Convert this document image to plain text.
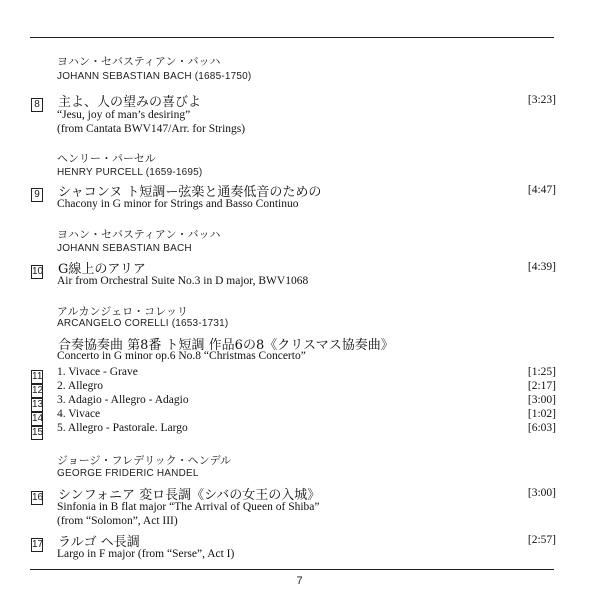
ヨハン・セバスティアン・バッハ
JOHANN SEBASTIAN BACH (1685-1750)
8 主よ、人の望みの喜びよ	[3:23]
“Jesu, joy of man’s desiring”
(from Cantata BWV147/Arr. for Strings)
ヘンリー・パーセル
HENRY PURCELL (1659-1695)
9 シャコンヌ ト短調ー弦楽と通奏低音のための	[4:47]
Chacony in G minor for Strings and Basso Continuo
ヨハン・セバスティアン・バッハ
JOHANN SEBASTIAN BACH
10 G線上のアリア	[4:39]
Air from Orchestral Suite No.3 in D major, BWV1068
アルカンジェロ・コレッリ
ARCANGELO CORELLI (1653-1731)
合奏協奏曲 第8番 ト短調 作品6の8《クリスマス協奏曲》
Concerto in G minor op.6 No.8 “Christmas Concerto”
11 1. Vivace - Grave	[1:25]
12 2. Allegro	[2:17]
13 3. Adagio - Allegro - Adagio	[3:00]
14 4. Vivace	[1:02]
15 5. Allegro - Pastorale. Largo	[6:03]
ジョージ・フレデリック・ヘンデル
GEORGE FRIDERIC HANDEL
16 シンフォニア 変ロ長調《シバの女王の入城》	[3:00]
Sinfonia in B flat major “The Arrival of Queen of Shiba”
(from “Solomon”, Act III)
17 ラルゴ ヘ長調	[2:57]
Largo in F major (from “Serse”, Act I)
7
